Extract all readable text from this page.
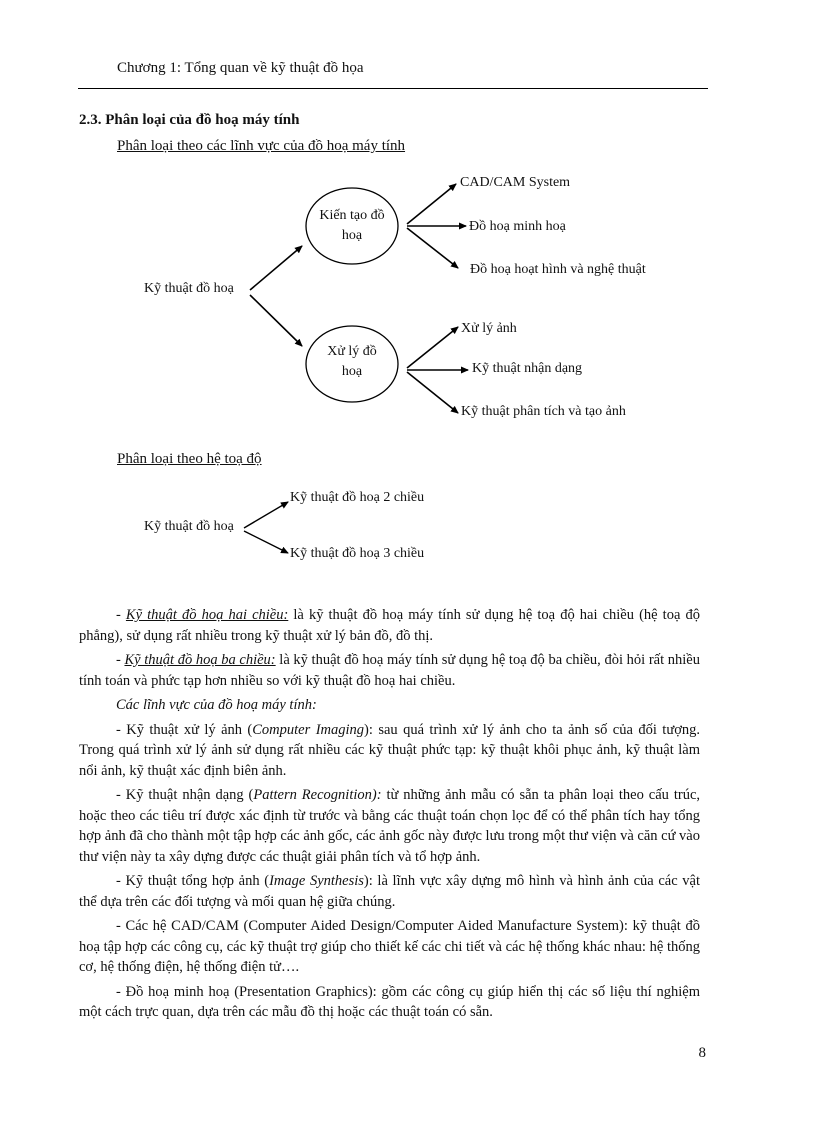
Chương 1: Tổng quan về kỹ thuật đồ họa
2.3. Phân loại của đồ hoạ máy tính
Phân loại theo các lĩnh vực của đồ hoạ máy tính
Kỹ thuật đồ hoạ
Kiến tạo đồ
hoạ
Xử lý đồ
hoạ
CAD/CAM System
Đồ hoạ minh hoạ
Đồ hoạ hoạt hình và nghệ thuật
Xử lý ảnh
Kỹ thuật nhận dạng
Kỹ thuật phân tích và tạo ảnh
Phân loại theo hệ toạ độ
Kỹ thuật đồ hoạ
Kỹ thuật đồ hoạ 2 chiều
Kỹ thuật đồ hoạ 3 chiều

- Kỹ thuật đồ hoạ hai chiều: là kỹ thuật đồ hoạ máy tính sử dụng hệ toạ độ hai chiều (hệ toạ độ phẳng), sử dụng rất nhiều trong kỹ thuật xử lý bản đồ, đồ thị.

- Kỹ thuật đồ hoạ ba chiều: là kỹ thuật đồ hoạ máy tính sử dụng hệ toạ độ ba chiều, đòi hỏi rất nhiều tính toán và phức tạp hơn nhiều so với kỹ thuật đồ hoạ hai chiều.

Các lĩnh vực của đồ hoạ máy tính:

- Kỹ thuật xử lý ảnh (Computer Imaging): sau quá trình xử lý ảnh cho ta ảnh số của đối tượng. Trong quá trình xử lý ảnh sử dụng rất nhiều các kỹ thuật phức tạp: kỹ thuật khôi phục ảnh, kỹ thuật làm nổi ảnh, kỹ thuật xác định biên ảnh.

- Kỹ thuật nhận dạng (Pattern Recognition): từ những ảnh mẫu có sẵn ta phân loại theo cấu trúc, hoặc theo các tiêu trí được xác định từ trước và bằng các thuật toán chọn lọc để có thể phân tích hay tổng hợp ảnh đã cho thành một tập hợp các ảnh gốc, các ảnh gốc này được lưu trong một thư viện và căn cứ vào thư viện này ta xây dựng được các thuật giải phân tích và tổ hợp ảnh.

- Kỹ thuật tổng hợp ảnh (Image Synthesis): là lĩnh vực xây dựng mô hình và hình ảnh của các vật thể dựa trên các đối tượng và mối quan hệ giữa chúng.

- Các hệ CAD/CAM (Computer Aided Design/Computer Aided Manufacture System): kỹ thuật đồ hoạ tập hợp các công cụ, các kỹ thuật trợ giúp cho thiết kế các chi tiết và các hệ thống khác nhau: hệ thống cơ, hệ thống điện, hệ thống điện tử….

- Đồ hoạ minh hoạ (Presentation Graphics): gồm các công cụ giúp hiển thị các số liệu thí nghiệm một cách trực quan, dựa trên các mẫu đồ thị hoặc các thuật toán có sẵn.

8
